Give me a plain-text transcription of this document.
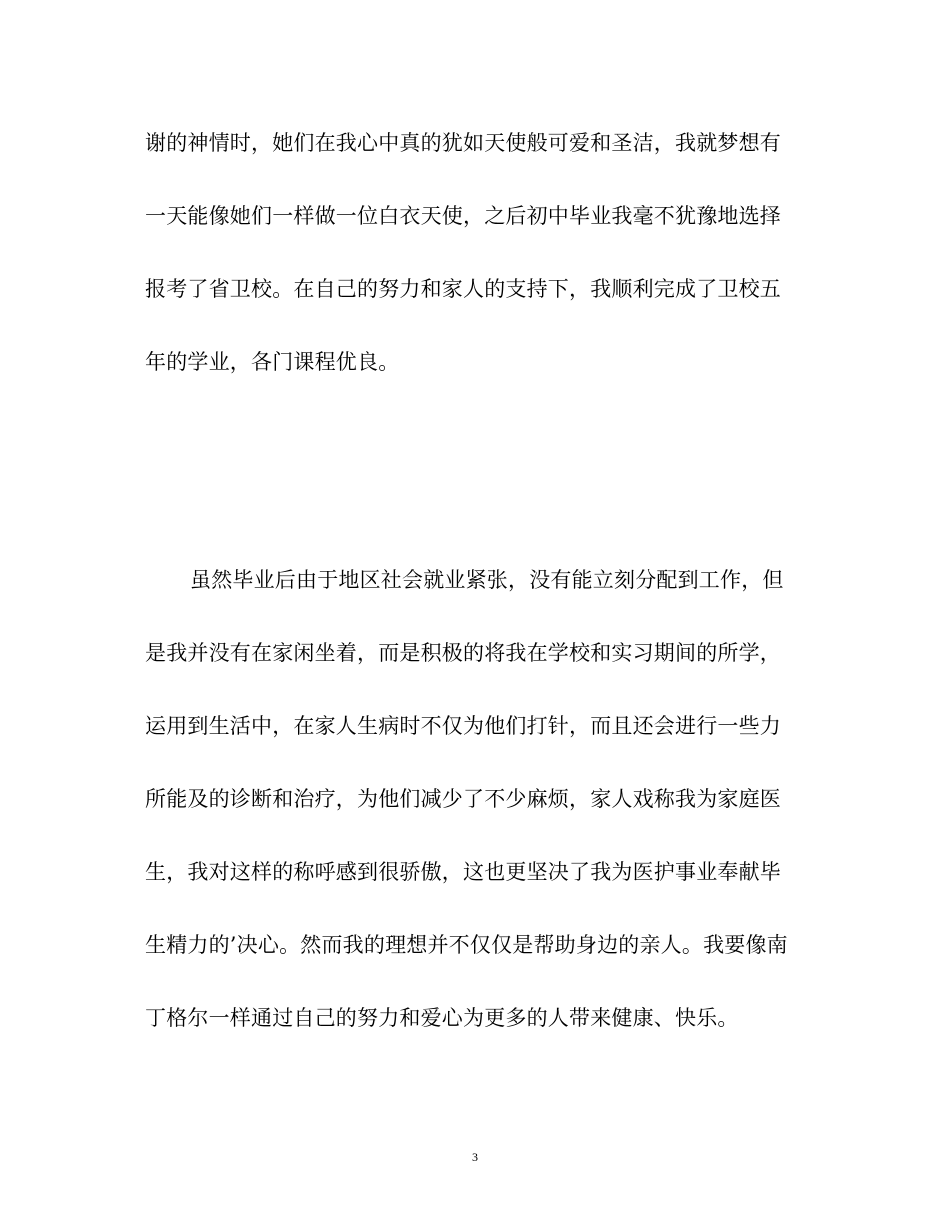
谢的神情时，她们在我心中真的犹如天使般可爱和圣洁，我就梦想有
一天能像她们一样做一位白衣天使，之后初中毕业我毫不犹豫地选择
报考了省卫校。在自己的努力和家人的支持下，我顺利完成了卫校五
年的学业，各门课程优良。
虽然毕业后由于地区社会就业紧张，没有能立刻分配到工作，但
是我并没有在家闲坐着，而是积极的将我在学校和实习期间的所学，
运用到生活中，在家人生病时不仅为他们打针，而且还会进行一些力
所能及的诊断和治疗，为他们减少了不少麻烦，家人戏称我为家庭医
生，我对这样的称呼感到很骄傲，这也更坚决了我为医护事业奉献毕
生精力的’决心。然而我的理想并不仅仅是帮助身边的亲人。我要像南
丁格尔一样通过自己的努力和爱心为更多的人带来健康、快乐。
3
